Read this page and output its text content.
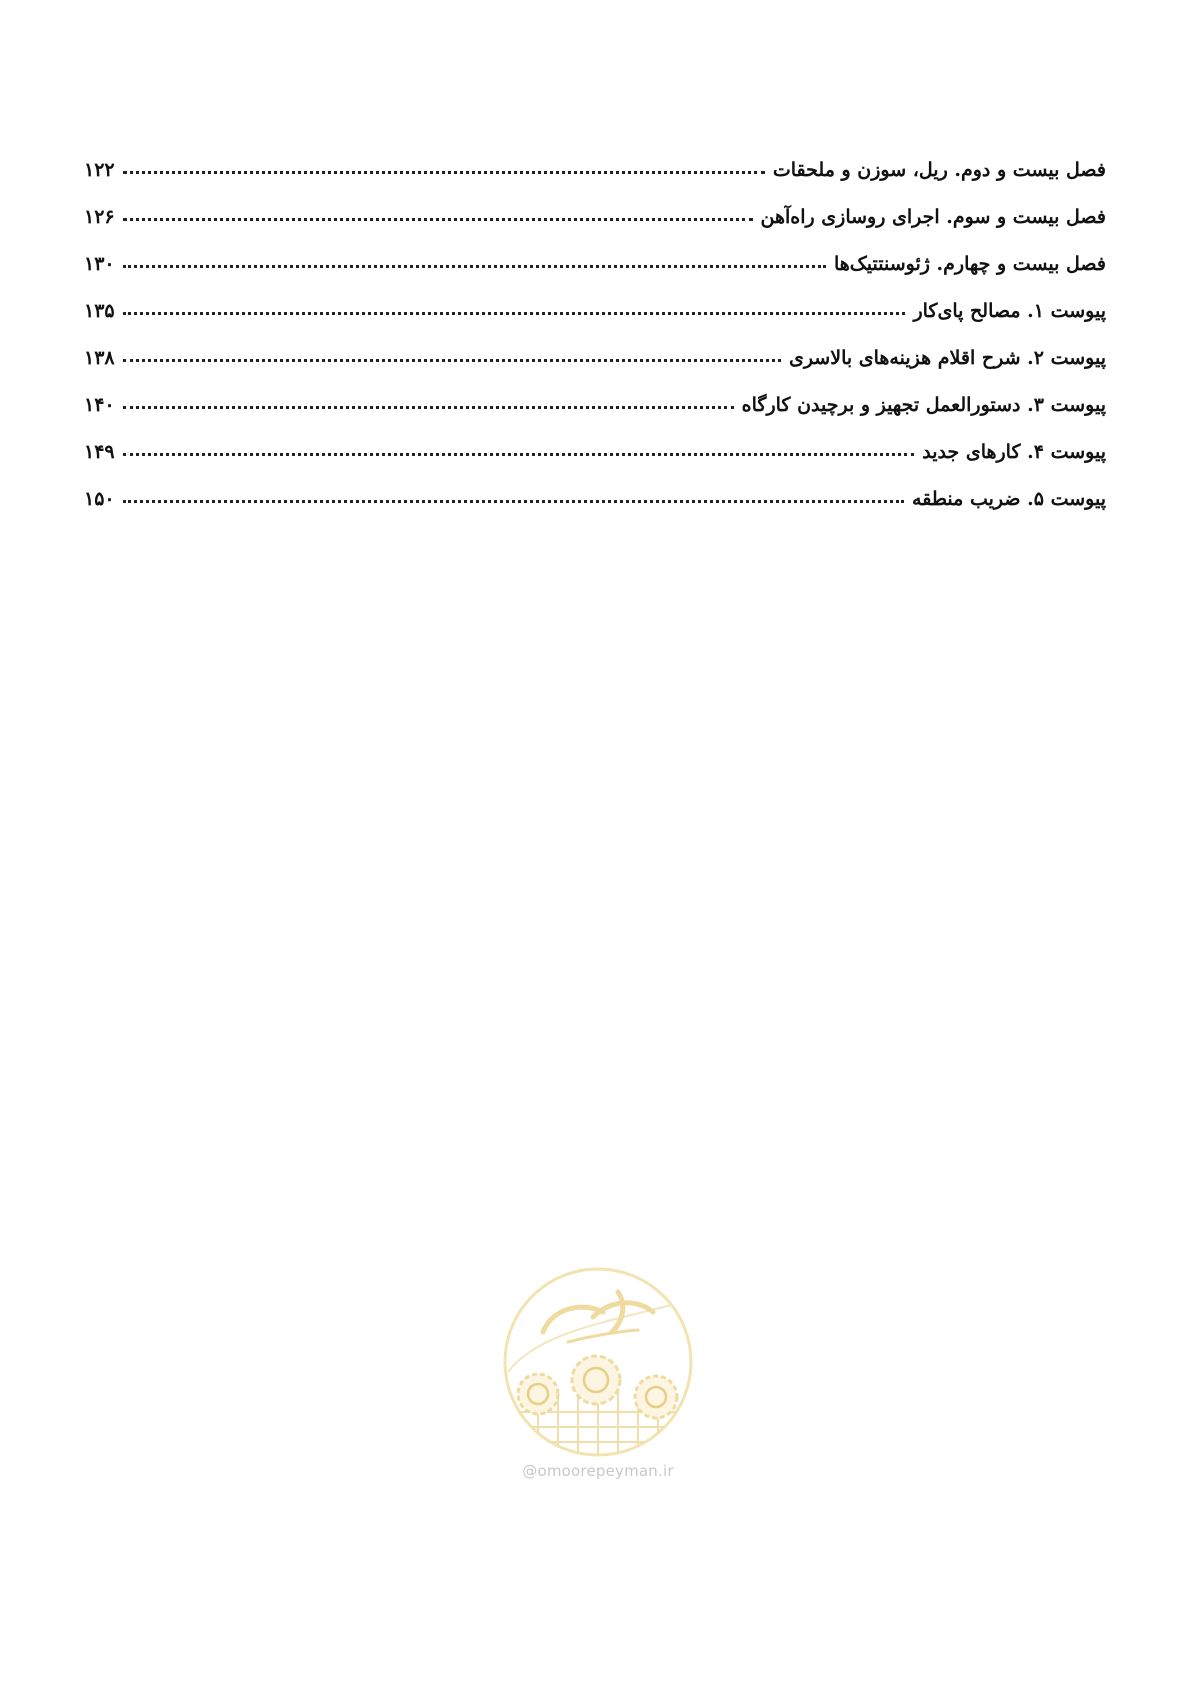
فصل بیست و دوم. ریل، سوزن و ملحقات
۱۲۲
فصل بیست و سوم. اجرای روسازی راه‌آهن
۱۲۶
فصل بیست و چهارم. ژئوسنتتیک‌ها
۱۳۰
پیوست ۱. مصالح پای‌کار
۱۳۵
پیوست ۲. شرح اقلام هزینه‌های بالاسری
۱۳۸
پیوست ۳. دستورالعمل تجهیز و برچیدن کارگاه
۱۴۰
پیوست ۴. کارهای جدید
۱۴۹
پیوست ۵. ضریب منطقه
۱۵۰
@omoorepeyman.ir
